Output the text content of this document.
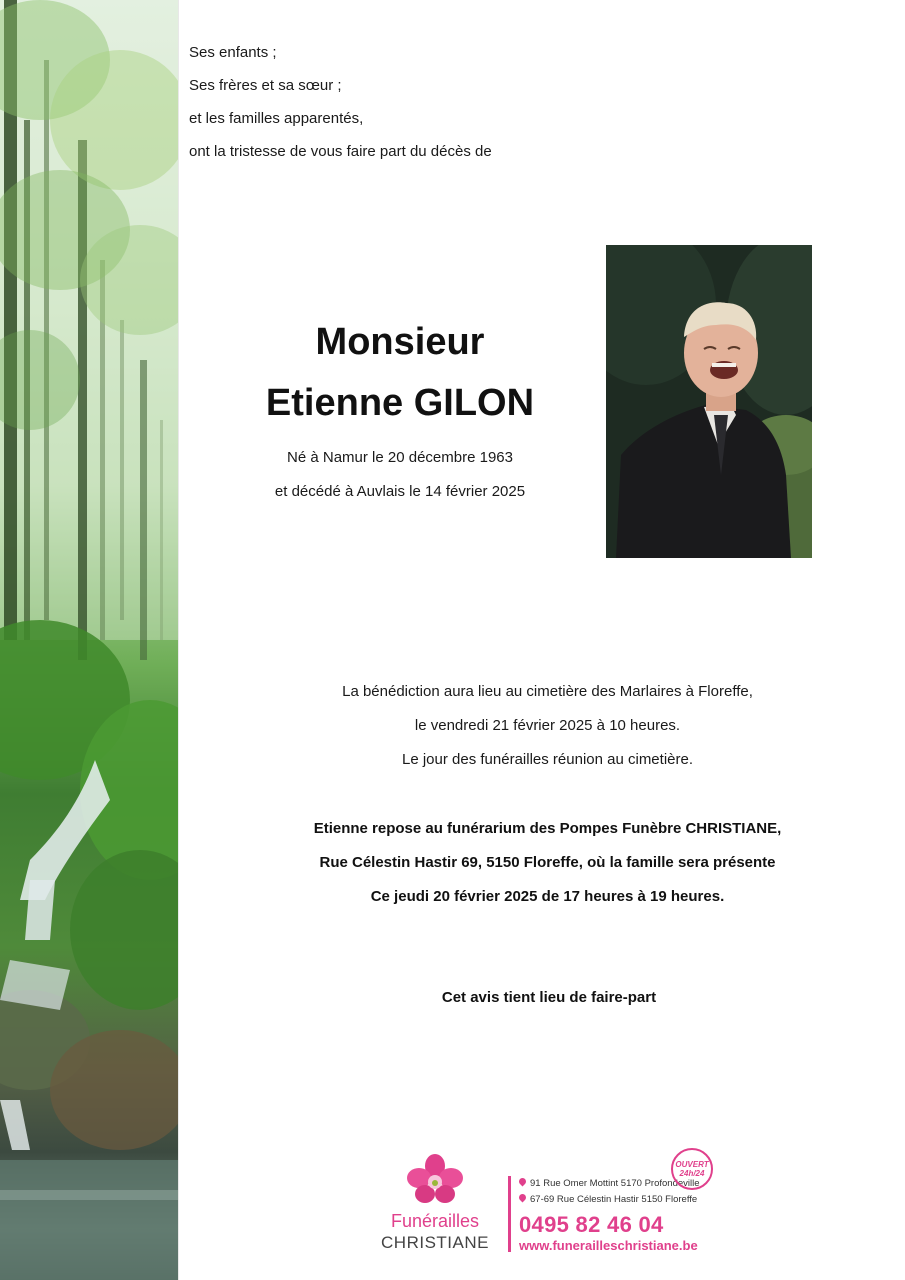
Ses enfants ;
Ses frères et sa sœur ;
et les familles apparentés,
ont la tristesse de vous faire part du décès de
Monsieur
Etienne GILON
Né à Namur le 20 décembre 1963
et décédé à Auvlais le 14 février 2025
La bénédiction aura lieu au cimetière des Marlaires à Floreffe,
le vendredi 21 février 2025 à 10 heures.
Le jour des funérailles réunion au cimetière.
Etienne repose au funérarium des Pompes Funèbre CHRISTIANE,
Rue Célestin Hastir 69, 5150 Floreffe, où la famille sera présente
Ce jeudi 20 février 2025 de 17 heures à 19 heures.
Cet avis tient lieu de faire-part
Funérailles
CHRISTIANE
91 Rue Omer Mottint 5170 Profondeville
67-69 Rue Célestin Hastir 5150 Floreffe
0495 82 46 04
www.funerailleschristiane.be
OUVERT
24h/24
